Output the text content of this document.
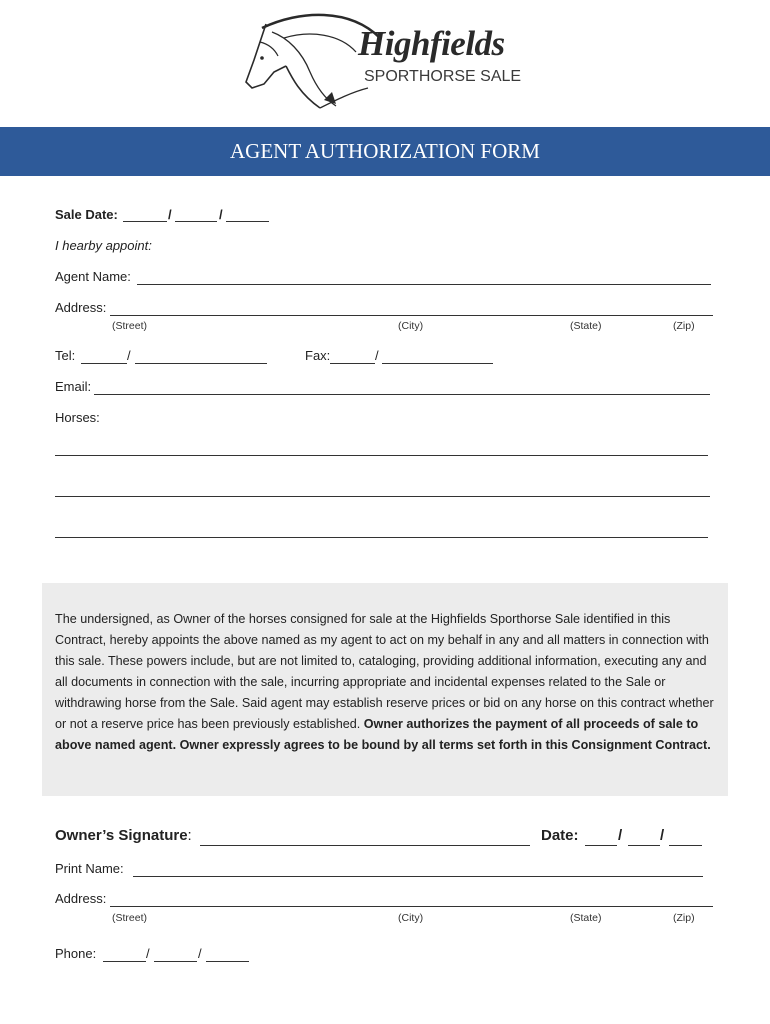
Highfields
SPORTHORSE SALE
AGENT AUTHORIZATION FORM
Sale Date:	/	/
I hearby appoint:
Agent Name:
Address:
(Street)	(City)	(State)	(Zip)
Tel:	/	Fax:	/
Email:
Horses:
The undersigned, as Owner of the horses consigned for sale at the Highfields Sporthorse Sale identified in this Contract, hereby appoints the above named as my agent to act on my behalf in any and all matters in connection with this sale. These powers include, but are not limited to, cataloging, providing additional information, executing any and all documents in connection with the sale, incurring appropriate and incidental expenses related to the Sale or withdrawing horse from the Sale. Said agent may establish reserve prices or bid on any horse on this contract whether or not a reserve price has been previously established. Owner authorizes the payment of all proceeds of sale to above named agent. Owner expressly agrees to be bound by all terms set forth in this Consignment Contract.
Owner’s Signature:	Date:	/	/
Print Name:
Address:
(Street)	(City)	(State)	(Zip)
Phone:	/	/
